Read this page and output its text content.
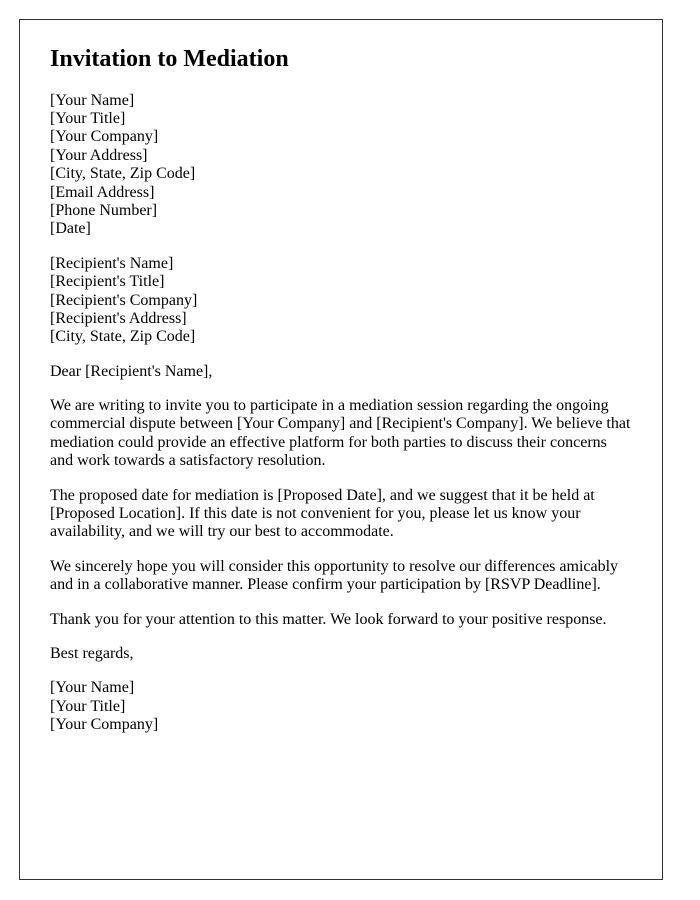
Invitation to Mediation
[Your Name]
[Your Title]
[Your Company]
[Your Address]
[City, State, Zip Code]
[Email Address]
[Phone Number]
[Date]
[Recipient's Name]
[Recipient's Title]
[Recipient's Company]
[Recipient's Address]
[City, State, Zip Code]

Dear [Recipient's Name],

We are writing to invite you to participate in a mediation session regarding the ongoing commercial dispute between [Your Company] and [Recipient's Company]. We believe that mediation could provide an effective platform for both parties to discuss their concerns and work towards a satisfactory resolution.

The proposed date for mediation is [Proposed Date], and we suggest that it be held at [Proposed Location]. If this date is not convenient for you, please let us know your availability, and we will try our best to accommodate.

We sincerely hope you will consider this opportunity to resolve our differences amicably and in a collaborative manner. Please confirm your participation by [RSVP Deadline].

Thank you for your attention to this matter. We look forward to your positive response.

Best regards,

[Your Name]
[Your Title]
[Your Company]
